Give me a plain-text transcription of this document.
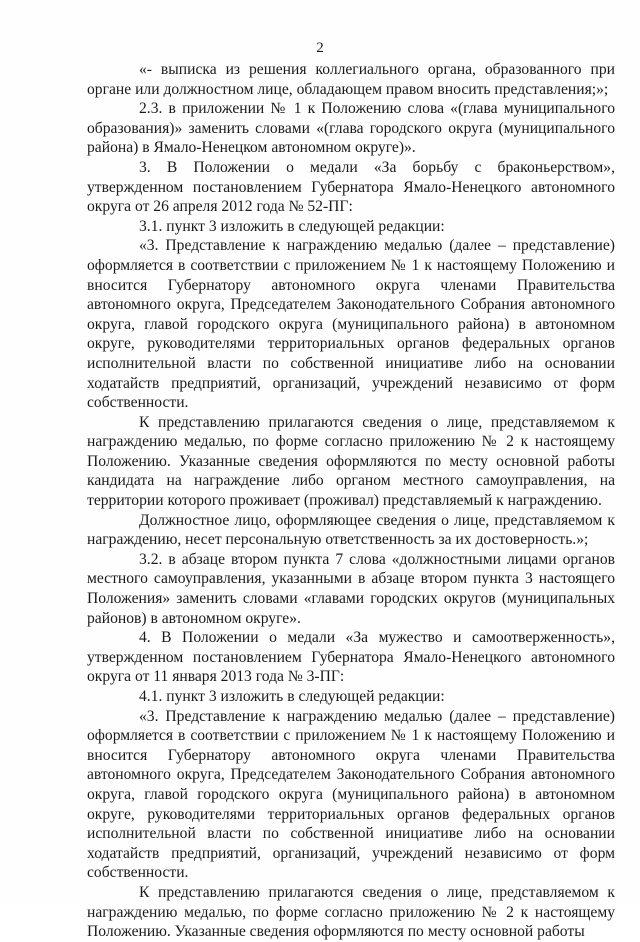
2

«- выписка из решения коллегиального органа, образованного при органе или должностном лице, обладающем правом вносить представления;»;

2.3. в приложении № 1 к Положению слова «(глава муниципального образования)» заменить словами «(глава городского округа (муниципального района) в Ямало-Ненецком автономном округе)».

3. В Положении о медали «За борьбу с браконьерством», утвержденном постановлением Губернатора Ямало-Ненецкого автономного округа от 26 апреля 2012 года № 52-ПГ:

3.1. пункт 3 изложить в следующей редакции:

«3. Представление к награждению медалью (далее – представление) оформляется в соответствии с приложением № 1 к настоящему Положению и вносится Губернатору автономного округа членами Правительства автономного округа, Председателем Законодательного Собрания автономного округа, главой городского округа (муниципального района) в автономном округе, руководителями территориальных органов федеральных органов исполнительной власти по собственной инициативе либо на основании ходатайств предприятий, организаций, учреждений независимо от форм собственности.

К представлению прилагаются сведения о лице, представляемом к награждению медалью, по форме согласно приложению № 2 к настоящему Положению. Указанные сведения оформляются по месту основной работы кандидата на награждение либо органом местного самоуправления, на территории которого проживает (проживал) представляемый к награждению.

Должностное лицо, оформляющее сведения о лице, представляемом к награждению, несет персональную ответственность за их достоверность.»;

3.2. в абзаце втором пункта 7 слова «должностными лицами органов местного самоуправления, указанными в абзаце втором пункта 3 настоящего Положения» заменить словами «главами городских округов (муниципальных районов) в автономном округе».

4. В Положении о медали «За мужество и самоотверженность», утвержденном постановлением Губернатора Ямало-Ненецкого автономного округа от 11 января 2013 года № 3-ПГ:

4.1. пункт 3 изложить в следующей редакции:

«3. Представление к награждению медалью (далее – представление) оформляется в соответствии с приложением № 1 к настоящему Положению и вносится Губернатору автономного округа членами Правительства автономного округа, Председателем Законодательного Собрания автономного округа, главой городского округа (муниципального района) в автономном округе, руководителями территориальных органов федеральных органов исполнительной власти по собственной инициативе либо на основании ходатайств предприятий, организаций, учреждений независимо от форм собственности.

К представлению прилагаются сведения о лице, представляемом к награждению медалью, по форме согласно приложению № 2 к настоящему Положению. Указанные сведения оформляются по месту основной работы
